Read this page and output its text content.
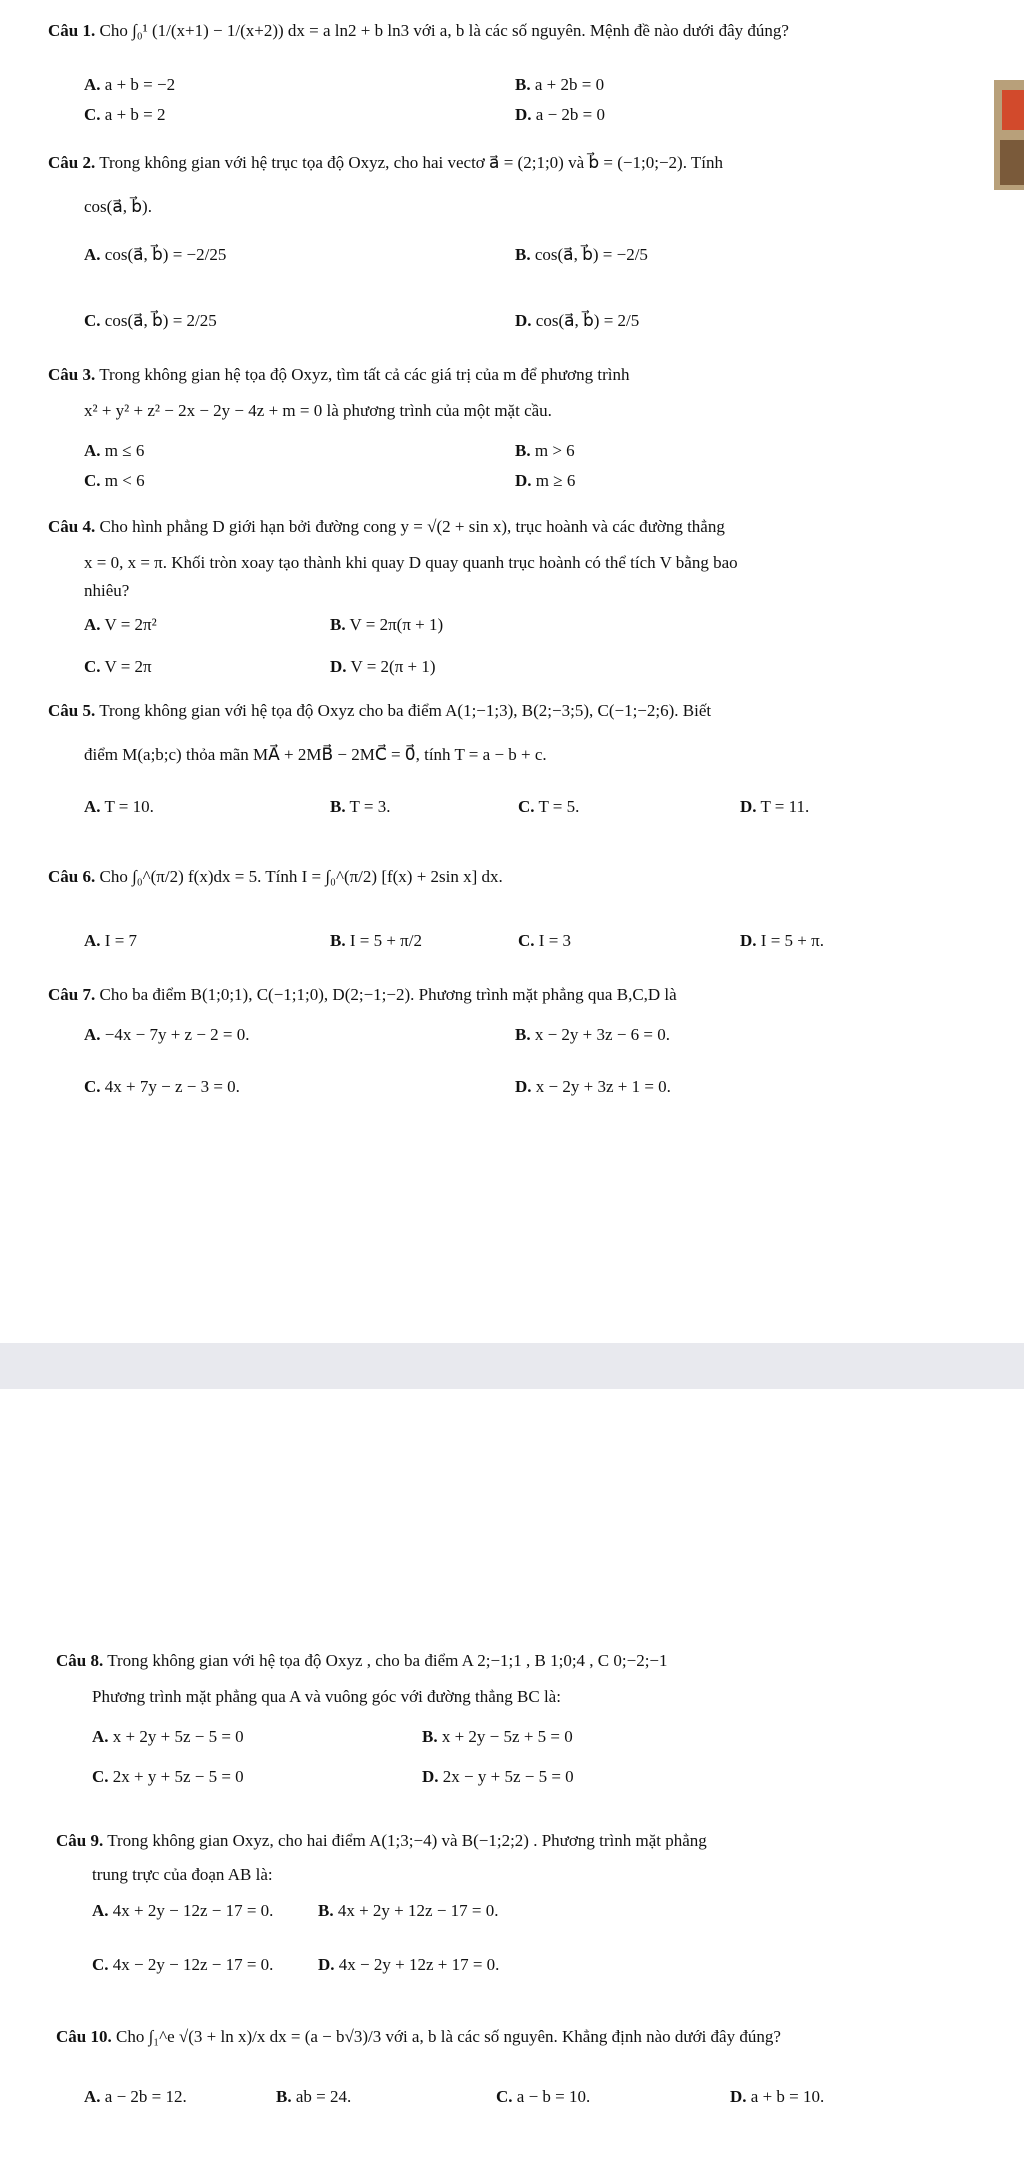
Câu 1. Cho ∫₀¹ (1/(x+1) − 1/(x+2)) dx = a ln2 + b ln3 với a, b là các số nguyên. Mệnh đề nào dưới đây đúng?
A. a + b = −2	B. a + 2b = 0
C. a + b = 2	D. a − 2b = 0
Câu 2. Trong không gian với hệ trục tọa độ Oxyz, cho hai vectơ a⃗ = (2;1;0) và b⃗ = (−1;0;−2). Tính
cos(a⃗, b⃗).
A. cos(a⃗, b⃗) = −2/25	B. cos(a⃗, b⃗) = −2/5
C. cos(a⃗, b⃗) = 2/25	D. cos(a⃗, b⃗) = 2/5
Câu 3. Trong không gian hệ tọa độ Oxyz, tìm tất cả các giá trị của m để phương trình
x² + y² + z² − 2x − 2y − 4z + m = 0 là phương trình của một mặt cầu.
A. m ≤ 6	B. m > 6
C. m < 6	D. m ≥ 6
Câu 4. Cho hình phẳng D giới hạn bởi đường cong y = √(2 + sin x), trục hoành và các đường thẳng
x = 0, x = π. Khối tròn xoay tạo thành khi quay D quay quanh trục hoành có thể tích V bằng bao
nhiêu?
A. V = 2π²	B. V = 2π(π + 1)
C. V = 2π	D. V = 2(π + 1)
Câu 5. Trong không gian với hệ tọa độ Oxyz cho ba điểm A(1;−1;3), B(2;−3;5), C(−1;−2;6). Biết
điểm M(a;b;c) thỏa mãn MA⃗ + 2MB⃗ − 2MC⃗ = 0⃗, tính T = a − b + c.
A. T = 10.	B. T = 3.	C. T = 5.	D. T = 11.
Câu 6. Cho ∫₀^(π/2) f(x)dx = 5. Tính I = ∫₀^(π/2) [f(x) + 2sin x] dx.
A. I = 7	B. I = 5 + π/2	C. I = 3	D. I = 5 + π.
Câu 7. Cho ba điểm B(1;0;1), C(−1;1;0), D(2;−1;−2). Phương trình mặt phẳng qua B,C,D là
A. −4x − 7y + z − 2 = 0.	B. x − 2y + 3z − 6 = 0.
C. 4x + 7y − z − 3 = 0.	D. x − 2y + 3z + 1 = 0.
Câu 8. Trong không gian với hệ tọa độ Oxyz , cho ba điểm A 2;−1;1 , B 1;0;4 , C 0;−2;−1
Phương trình mặt phẳng qua A và vuông góc với đường thẳng BC là:
A. x + 2y + 5z − 5 = 0	B. x + 2y − 5z + 5 = 0
C. 2x + y + 5z − 5 = 0	D. 2x − y + 5z − 5 = 0
Câu 9. Trong không gian Oxyz, cho hai điểm A(1;3;−4) và B(−1;2;2) . Phương trình mặt phẳng
trung trực của đoạn AB là:
A. 4x + 2y − 12z − 17 = 0.	B. 4x + 2y + 12z − 17 = 0.
C. 4x − 2y − 12z − 17 = 0.	D. 4x − 2y + 12z + 17 = 0.
Câu 10. Cho ∫₁^e √(3 + ln x)/x dx = (a − b√3)/3 với a, b là các số nguyên. Khẳng định nào dưới đây đúng?
A. a − 2b = 12.	B. ab = 24.	C. a − b = 10.	D. a + b = 10.
